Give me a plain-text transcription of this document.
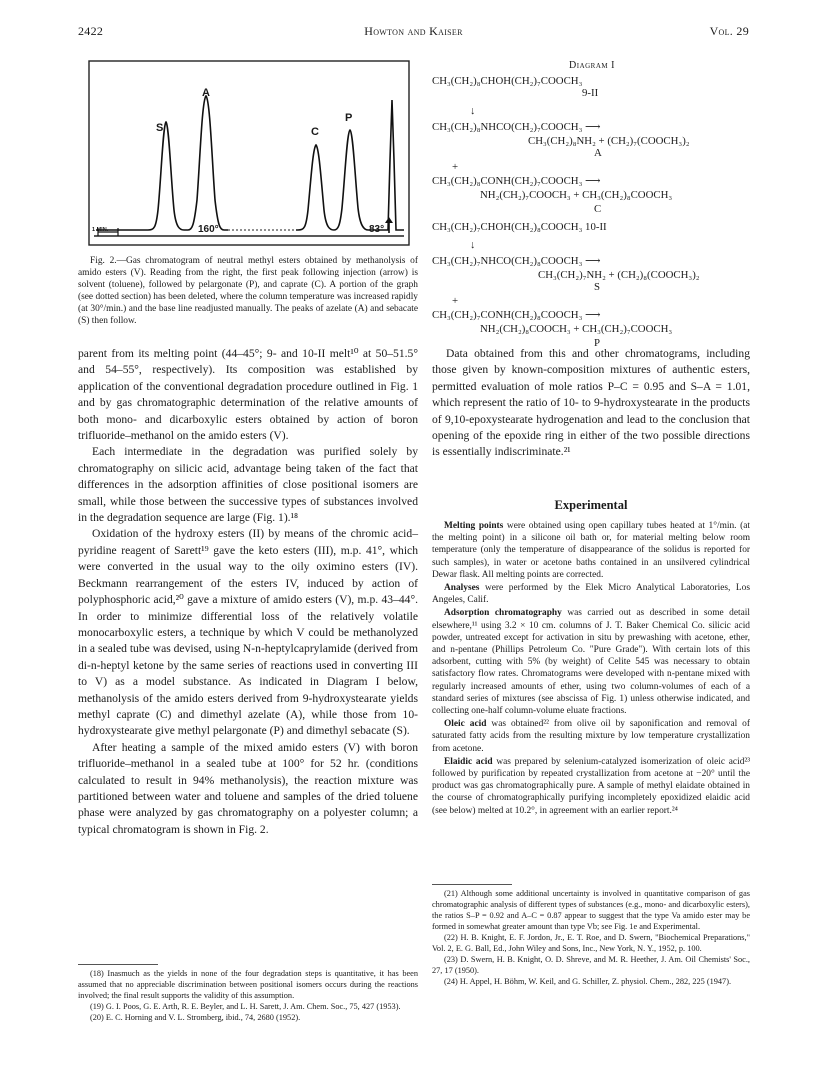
2422	Howton and Kaiser	Vol. 29
1 MIN.
S
A
C
P
160°	83°

Fig. 2.—Gas chromatogram of neutral methyl esters obtained by methanolysis of amido esters (V). Reading from the right, the first peak following injection (arrow) is solvent (toluene), followed by pelargonate (P), and caprate (C). A portion of the graph (see dotted section) has been deleted, where the column temperature was increased rapidly (at 30°/min.) and the base line readjusted manually. The peaks of azelate (A) and sebacate (S) then follow.

parent from its melting point (44–45°; 9- and 10-II melt¹⁰ at 50–51.5° and 54–55°, respectively). Its composition was established by application of the conventional degradation procedure outlined in Fig. 1 and by gas chromatographic determination of the relative amounts of both mono- and dicarboxylic esters obtained by action of boron trifluoride–methanol on the amido esters (V).

Each intermediate in the degradation was purified solely by chromatography on silicic acid, advantage being taken of the fact that differences in the adsorption affinities of close positional isomers are small, while those between the successive types of substances involved in the degradation sequence are large (Fig. 1).¹⁸

Oxidation of the hydroxy esters (II) by means of the chromic acid–pyridine reagent of Sarett¹⁹ gave the keto esters (III), m.p. 41°, which were converted in the usual way to the oily oximino esters (IV). Beckmann rearrangement of the esters IV, induced by action of polyphosphoric acid,²⁰ gave a mixture of amido esters (V), m.p. 43–44°. In order to minimize differential loss of the relatively volatile monocarboxylic esters, a technique by which V could be methanolyzed in a sealed tube was devised, using N-n-heptylcaprylamide (derived from di-n-heptyl ketone by the same series of reactions used in converting III to V) as a model substance. As indicated in Diagram I below, methanolysis of the amido esters derived from 9-hydroxystearate yields methyl caprate (C) and dimethyl azelate (A), while those from 10-hydroxystearate give methyl pelargonate (P) and dimethyl sebacate (S).

After heating a sample of the mixed amido esters (V) with boron trifluoride–methanol in a sealed tube at 100° for 52 hr. (conditions calculated to result in 94% methanolysis), the reaction mixture was partitioned between water and toluene and samples of the dried toluene phase were analyzed by gas chromatography on a polyester column; a typical chromatogram is shown in Fig. 2.

(18) Inasmuch as the yields in none of the four degradation steps is quantitative, it has been assumed that no appreciable discrimination between positional isomers occurs during the reactions involved; the final result supports the validity of this assumption.

(19) G. I. Poos, G. E. Arth, R. E. Beyler, and L. H. Sarett, J. Am. Chem. Soc., 75, 427 (1953).

(20) E. C. Horning and V. L. Stromberg, ibid., 74, 2680 (1952).

Diagram I
CH₃(CH₂)₈CHOH(CH₂)₇COOCH₃
9-II
↓
CH₃(CH₂)₈NHCO(CH₂)₇COOCH₃ ⟶
CH₃(CH₂)₈NH₂ + (CH₂)₇(COOCH₃)₂
A
+
CH₃(CH₂)₈CONH(CH₂)₇COOCH₃ ⟶
NH₂(CH₂)₇COOCH₃ + CH₃(CH₂)₈COOCH₃
C
CH₃(CH₂)₇CHOH(CH₂)₈COOCH₃ 10-II
↓
CH₃(CH₂)₇NHCO(CH₂)₈COOCH₃ ⟶
CH₃(CH₂)₇NH₂ + (CH₂)₈(COOCH₃)₂
S
+
CH₃(CH₂)₇CONH(CH₂)₈COOCH₃ ⟶
NH₂(CH₂)₈COOCH₃ + CH₃(CH₂)₇COOCH₃
P

Data obtained from this and other chromatograms, including those given by known-composition mixtures of authentic esters, permitted evaluation of mole ratios P–C = 0.95 and S–A = 1.01, which represent the ratio of 10- to 9-hydroxystearate in the products of 9,10-epoxystearate hydrogenation and lead to the conclusion that opening of the epoxide ring in either of the two possible directions is essentially indiscriminate.²¹

Experimental

Melting points were obtained using open capillary tubes heated at 1°/min. (at the melting point) in a silicone oil bath or, for material melting below room temperature (only the temperature of disappearance of the solidus is reported for such samples), in water or acetone baths contained in an unsilvered cylindrical Dewar flask. All melting points are corrected.

Analyses were performed by the Elek Micro Analytical Laboratories, Los Angeles, Calif.

Adsorption chromatography was carried out as described in some detail elsewhere,¹¹ using 3.2 × 10 cm. columns of J. T. Baker Chemical Co. silicic acid powder, untreated except for activation in situ by prewashing with acetone, ether, and n-pentane (Phillips Petroleum Co. "Pure Grade"). With certain lots of this adsorbent, cutting with 5% (by weight) of Celite 545 was necessary to obtain satisfactory flow rates. Chromatograms were developed with n-pentane mixed with regularly increased amounts of ether, using two column-volumes of each of a standard series of mixtures (see abscissa of Fig. 1) unless otherwise indicated, and collecting one-half column-volume eluate fractions.

Oleic acid was obtained²² from olive oil by saponification and removal of saturated fatty acids from the resulting mixture by low temperature crystallization from acetone.

Elaidic acid was prepared by selenium-catalyzed isomerization of oleic acid²³ followed by purification by repeated crystallization from acetone at −20° until the product was gas chromatographically pure. A sample of methyl elaidate obtained in the course of chromatographically purifying incompletely epoxidized elaidic acid (see below) melted at 10.2°, in agreement with an earlier report.²⁴

(21) Although some additional uncertainty is involved in quantitative comparison of gas chromatographic analysis of different types of substances (e.g., mono- and dicarboxylic esters), the ratios S–P = 0.92 and A–C = 0.87 appear to suggest that the type Va amido ester may be formed in somewhat greater amount than type Vb; see Fig. 1e and Experimental.

(22) H. B. Knight, E. F. Jordon, Jr., E. T. Roe, and D. Swern, "Biochemical Preparations," Vol. 2, E. G. Ball, Ed., John Wiley and Sons, Inc., New York, N. Y., 1952, p. 100.

(23) D. Swern, H. B. Knight, O. D. Shreve, and M. R. Heether, J. Am. Oil Chemists' Soc., 27, 17 (1950).

(24) H. Appel, H. Böhm, W. Keil, and G. Schiller, Z. physiol. Chem., 282, 225 (1947).
